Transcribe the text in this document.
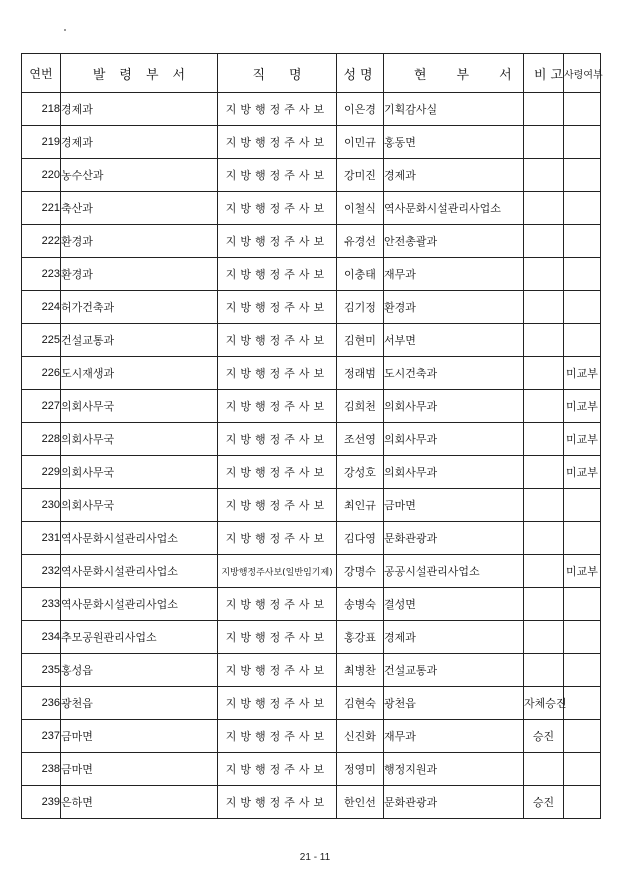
연번	발령부서	직명	성명	현부서	비고	사령여부
218	경제과	지방행정주사보	이은경	기획감사실		
219	경제과	지방행정주사보	이민규	홍동면		
220	농수산과	지방행정주사보	강미진	경제과		
221	축산과	지방행정주사보	이철식	역사문화시설관리사업소		
222	환경과	지방행정주사보	유경선	안전총괄과		
223	환경과	지방행정주사보	이충태	재무과		
224	허가건축과	지방행정주사보	김기정	환경과		
225	건설교통과	지방행정주사보	김현미	서부면		
226	도시재생과	지방행정주사보	정래범	도시건축과		미교부
227	의회사무국	지방행정주사보	김희천	의회사무과		미교부
228	의회사무국	지방행정주사보	조선영	의회사무과		미교부
229	의회사무국	지방행정주사보	강성호	의회사무과		미교부
230	의회사무국	지방행정주사보	최인규	금마면		
231	역사문화시설관리사업소	지방행정주사보	김다영	문화관광과		
232	역사문화시설관리사업소	지방행정주사보(일반임기제)	강명수	공공시설관리사업소		미교부
233	역사문화시설관리사업소	지방행정주사보	송병숙	결성면		
234	추모공원관리사업소	지방행정주사보	홍강표	경제과		
235	홍성읍	지방행정주사보	최병찬	건설교통과		
236	광천읍	지방행정주사보	김현숙	광천읍	자체승진	
237	금마면	지방행정주사보	신진화	재무과	승진	
238	금마면	지방행정주사보	정영미	행정지원과		
239	은하면	지방행정주사보	한인선	문화관광과	승진	
21 - 11
